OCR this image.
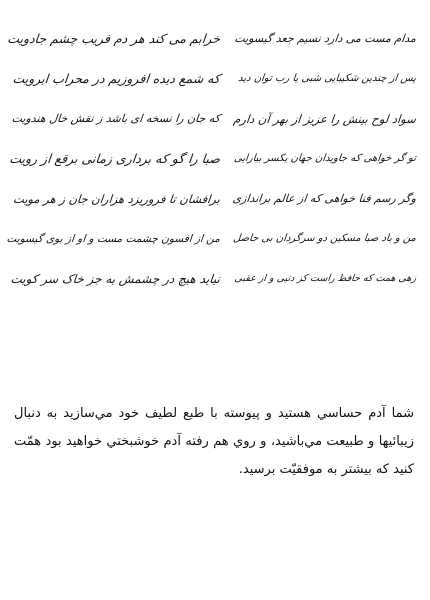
مدام مست می دارد نسیم جعد گیسویت
پس از چندین شکیبایی شبی یا رب توان دید
سواد لوح بینش را عزیز از بهر آن دارم
تو گر خواهی که جاویدان جهان یکسر بیارایی
وگر رسم فنا خواهی که از عالم براندازی
من و باد صبا مسکین دو سرگردان بی حاصل
زهی همت که حافظ راست کز دنیی و از عقبی
خرابم می کند هر دم فریب چشم جادویت
که شمع دیده افروزیم در محراب ابرویت
که جان را نسخه ای باشد ز نقش خال هندویت
صبا را گو که برداری زمانی برقع از رویت
برافشان تا فروریزد هزاران جان ز هر مویت
من از افسون چشمت مست و او از بوی گیسویت
نیاید هیچ در چشمش به جز خاک سر کویت

شما آدم حساسي هستيد و پيوسته با طبع لطيف خود مي‌سازيد به دنبال زيبائيها و طبيعت مي‌باشيد، و روي هم رفته آدم خوشبختي خواهيد بود همّت كنيد كه بيشتر به موفقيّت برسيد.
